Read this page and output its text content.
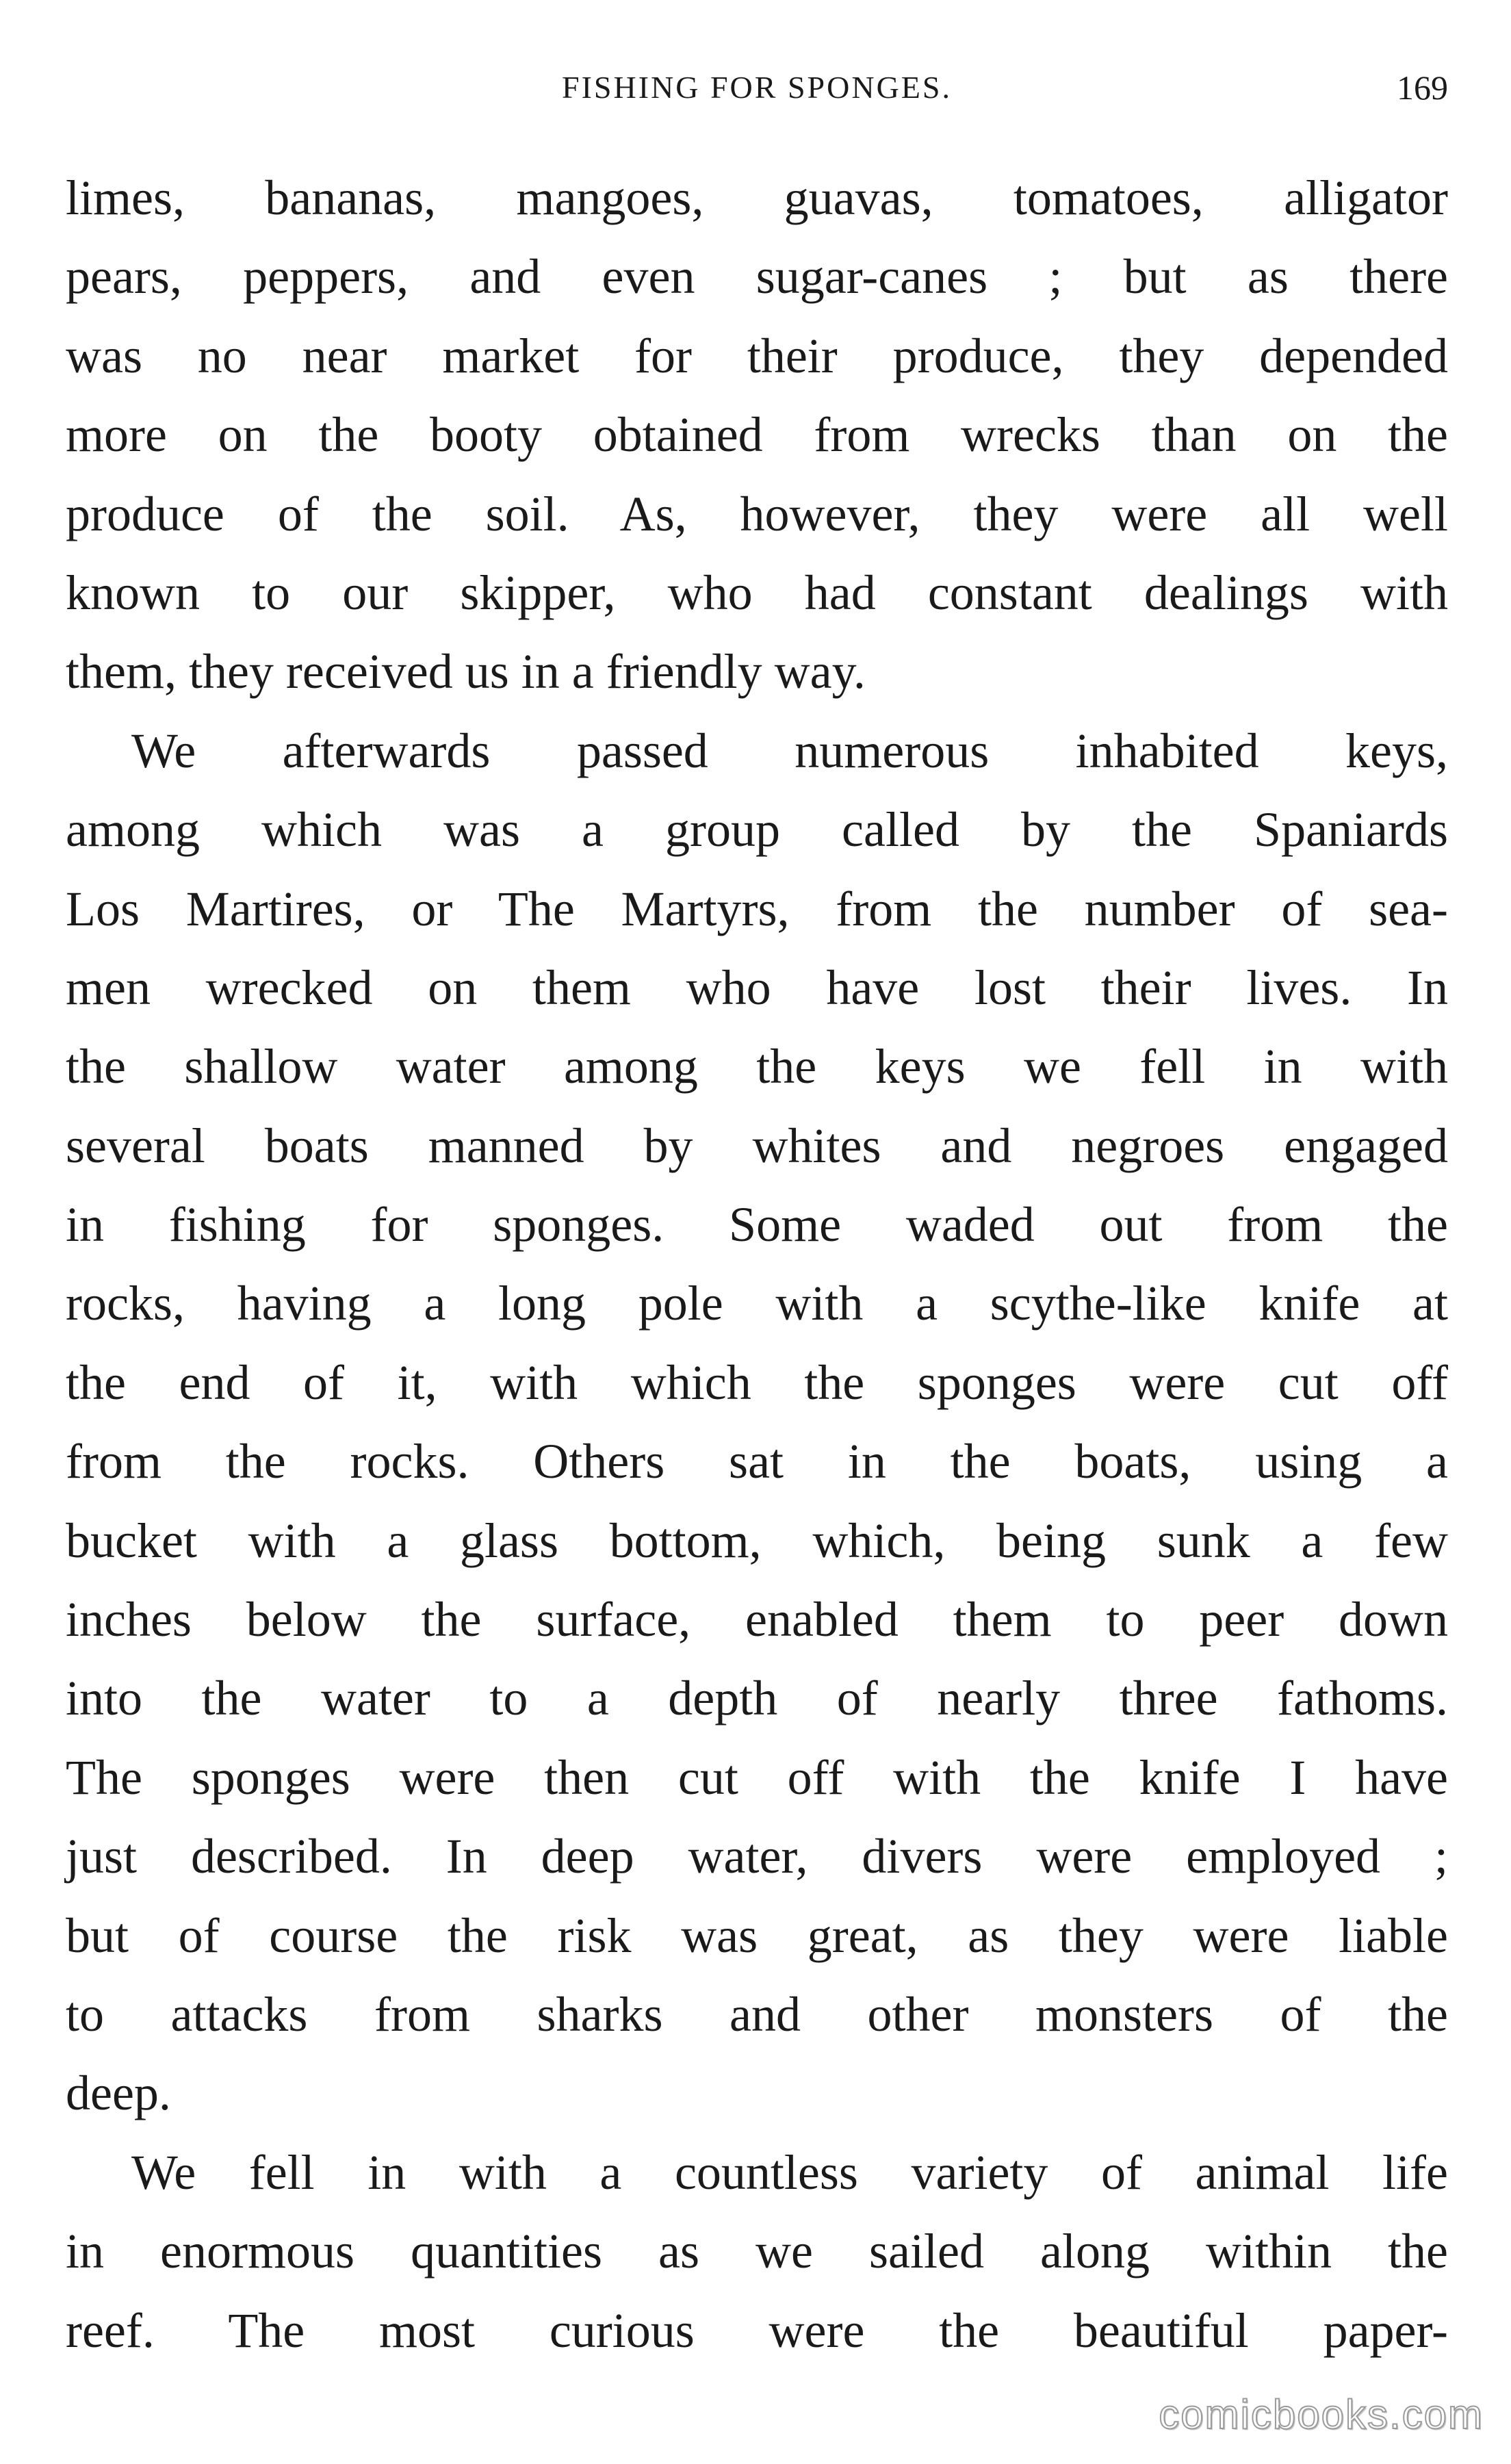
FISHING FOR SPONGES.	169
limes, bananas, mangoes, guavas, tomatoes, alligator
pears, peppers, and even sugar-canes ; but as there
was no near market for their produce, they depended
more on the booty obtained from wrecks than on the
produce of the soil. As, however, they were all well
known to our skipper, who had constant dealings with
them, they received us in a friendly way.
We afterwards passed numerous inhabited keys,
among which was a group called by the Spaniards
Los Martires, or The Martyrs, from the number of sea-
men wrecked on them who have lost their lives. In
the shallow water among the keys we fell in with
several boats manned by whites and negroes engaged
in fishing for sponges. Some waded out from the
rocks, having a long pole with a scythe-like knife at
the end of it, with which the sponges were cut off
from the rocks. Others sat in the boats, using a
bucket with a glass bottom, which, being sunk a few
inches below the surface, enabled them to peer down
into the water to a depth of nearly three fathoms.
The sponges were then cut off with the knife I have
just described. In deep water, divers were employed ;
but of course the risk was great, as they were liable
to attacks from sharks and other monsters of the
deep.
We fell in with a countless variety of animal life
in enormous quantities as we sailed along within the
reef. The most curious were the beautiful paper-
comicbooks.com
